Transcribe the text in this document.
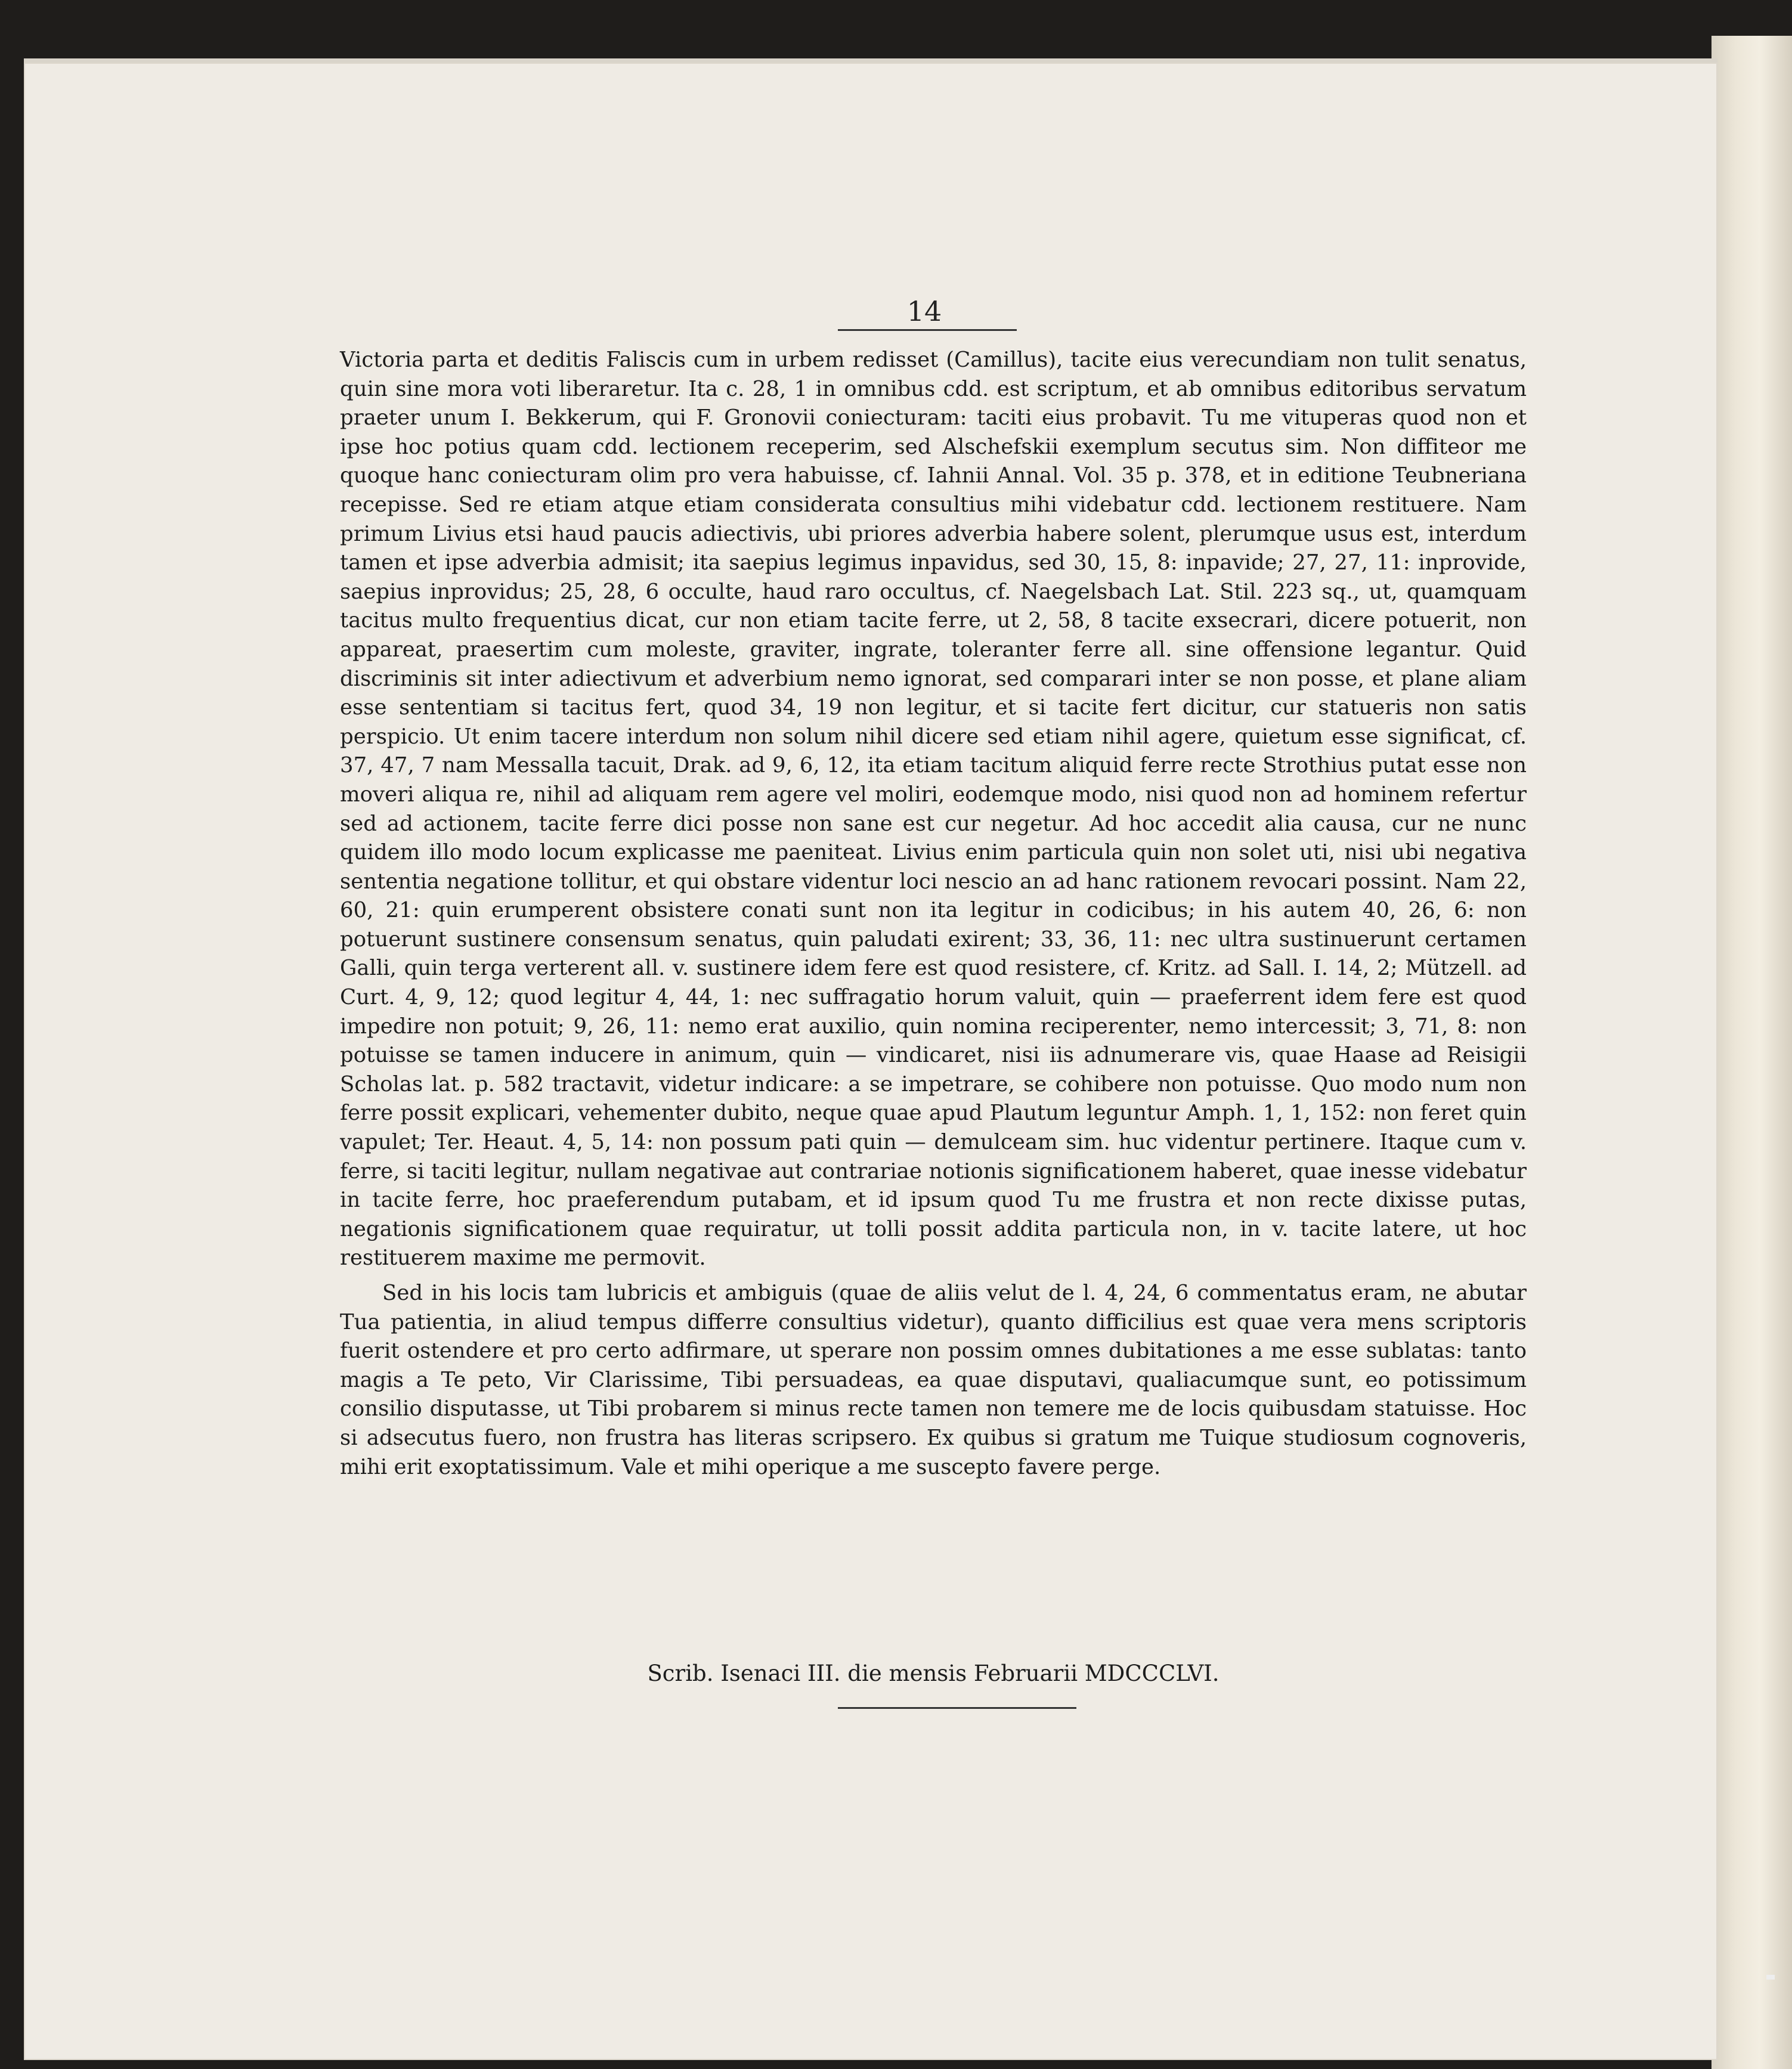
14

Victoria parta et deditis Faliscis cum in urbem redisset (Camillus), tacite eius verecundiam non tulit senatus, quin sine mora voti liberaretur. Ita c. 28, 1 in omnibus cdd. est scriptum, et ab omnibus editoribus servatum praeter unum I. Bekkerum, qui F. Gronovii coniecturam: taciti eius probavit. Tu me vituperas quod non et ipse hoc potius quam cdd. lectionem receperim, sed Alschefskii exemplum secutus sim. Non diffiteor me quoque hanc coniecturam olim pro vera habuisse, cf. Iahnii Annal. Vol. 35 p. 378, et in editione Teubneriana recepisse. Sed re etiam atque etiam considerata consultius mihi videbatur cdd. lectionem restituere. Nam primum Livius etsi haud paucis adiectivis, ubi priores adverbia habere solent, plerumque usus est, interdum tamen et ipse adverbia admisit; ita saepius legimus inpavidus, sed 30, 15, 8: inpavide; 27, 27, 11: inprovide, saepius inprovidus; 25, 28, 6 occulte, haud raro occultus, cf. Naegelsbach Lat. Stil. 223 sq., ut, quamquam tacitus multo frequentius dicat, cur non etiam tacite ferre, ut 2, 58, 8 tacite exsecrari, dicere potuerit, non appareat, praesertim cum moleste, graviter, ingrate, toleranter ferre all. sine offensione legantur. Quid discriminis sit inter adiectivum et adverbium nemo ignorat, sed comparari inter se non posse, et plane aliam esse sententiam si tacitus fert, quod 34, 19 non legitur, et si tacite fert dicitur, cur statueris non satis perspicio. Ut enim tacere interdum non solum nihil dicere sed etiam nihil agere, quietum esse significat, cf. 37, 47, 7 nam Messalla tacuit, Drak. ad 9, 6, 12, ita etiam tacitum aliquid ferre recte Strothius putat esse non moveri aliqua re, nihil ad aliquam rem agere vel moliri, eodemque modo, nisi quod non ad hominem refertur sed ad actionem, tacite ferre dici posse non sane est cur negetur. Ad hoc accedit alia causa, cur ne nunc quidem illo modo locum explicasse me paeniteat. Livius enim particula quin non solet uti, nisi ubi negativa sententia negatione tollitur, et qui obstare videntur loci nescio an ad hanc rationem revocari possint. Nam 22, 60, 21: quin erumperent obsistere conati sunt non ita legitur in codicibus; in his autem 40, 26, 6: non potuerunt sustinere consensum senatus, quin paludati exirent; 33, 36, 11: nec ultra sustinuerunt certamen Galli, quin terga verterent all. v. sustinere idem fere est quod resistere, cf. Kritz. ad Sall. I. 14, 2; Mützell. ad Curt. 4, 9, 12; quod legitur 4, 44, 1: nec suffragatio horum valuit, quin — praeferrent idem fere est quod impedire non potuit; 9, 26, 11: nemo erat auxilio, quin nomina reciperenter, nemo intercessit; 3, 71, 8: non potuisse se tamen inducere in animum, quin — vindicaret, nisi iis adnumerare vis, quae Haase ad Reisigii Scholas lat. p. 582 tractavit, videtur indicare: a se impetrare, se cohibere non potuisse. Quo modo num non ferre possit explicari, vehementer dubito, neque quae apud Plautum leguntur Amph. 1, 1, 152: non feret quin vapulet; Ter. Heaut. 4, 5, 14: non possum pati quin — demulceam sim. huc videntur pertinere. Itaque cum v. ferre, si taciti legitur, nullam negativae aut contrariae notionis significationem haberet, quae inesse videbatur in tacite ferre, hoc praeferendum putabam, et id ipsum quod Tu me frustra et non recte dixisse putas, negationis significationem quae requiratur, ut tolli possit addita particula non, in v. tacite latere, ut hoc restituerem maxime me permovit.

Sed in his locis tam lubricis et ambiguis (quae de aliis velut de l. 4, 24, 6 commentatus eram, ne abutar Tua patientia, in aliud tempus differre consultius videtur), quanto difficilius est quae vera mens scriptoris fuerit ostendere et pro certo adfirmare, ut sperare non possim omnes dubitationes a me esse sublatas: tanto magis a Te peto, Vir Clarissime, Tibi persuadeas, ea quae disputavi, qualiacumque sunt, eo potissimum consilio disputasse, ut Tibi probarem si minus recte tamen non temere me de locis quibusdam statuisse. Hoc si adsecutus fuero, non frustra has literas scripsero. Ex quibus si gratum me Tuique studiosum cognoveris, mihi erit exoptatissimum. Vale et mihi operique a me suscepto favere perge.

Scrib. Isenaci III. die mensis Februarii MDCCCLVI.
